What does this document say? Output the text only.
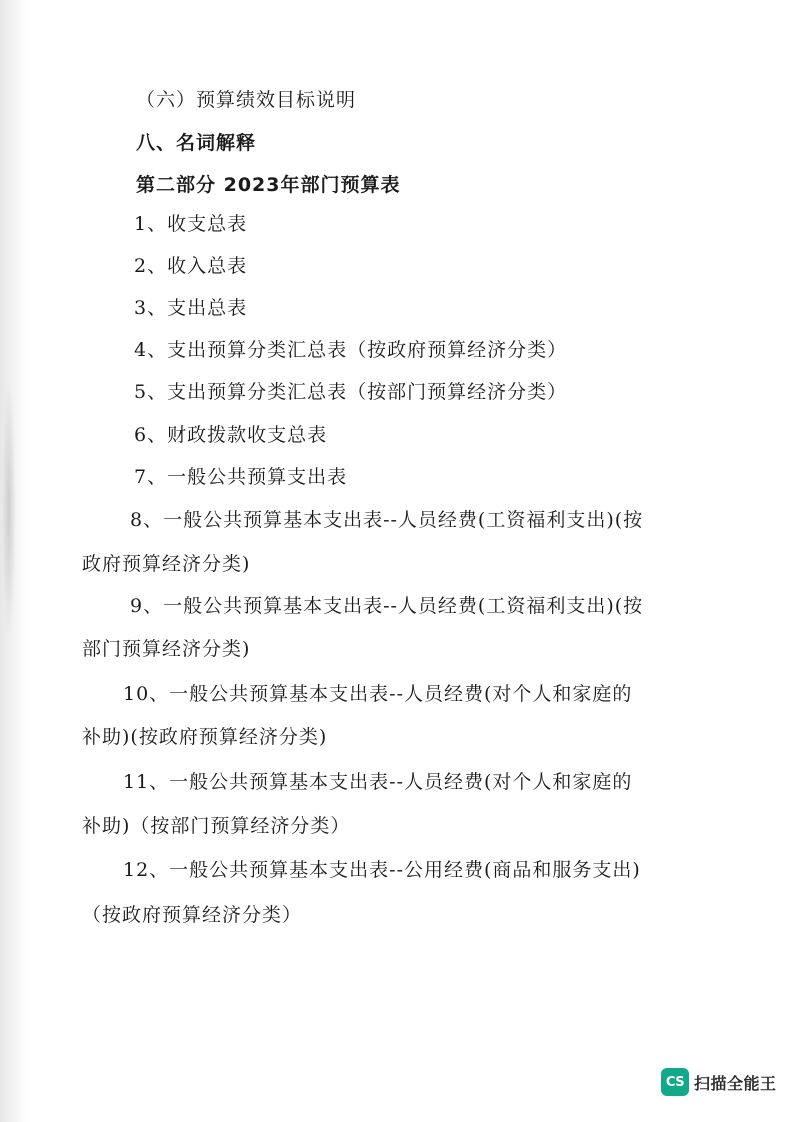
（六）预算绩效目标说明
八、名词解释
第二部分 2023年部门预算表
1、收支总表
2、收入总表
3、支出总表
4、支出预算分类汇总表（按政府预算经济分类）
5、支出预算分类汇总表（按部门预算经济分类）
6、财政拨款收支总表
7、一般公共预算支出表
8、一般公共预算基本支出表--人员经费(工资福利支出)(按
政府预算经济分类)
9、一般公共预算基本支出表--人员经费(工资福利支出)(按
部门预算经济分类)
10、一般公共预算基本支出表--人员经费(对个人和家庭的
补助)(按政府预算经济分类)
11、一般公共预算基本支出表--人员经费(对个人和家庭的
补助)（按部门预算经济分类）
12、一般公共预算基本支出表--公用经费(商品和服务支出)
（按政府预算经济分类）
CS 扫描全能王
